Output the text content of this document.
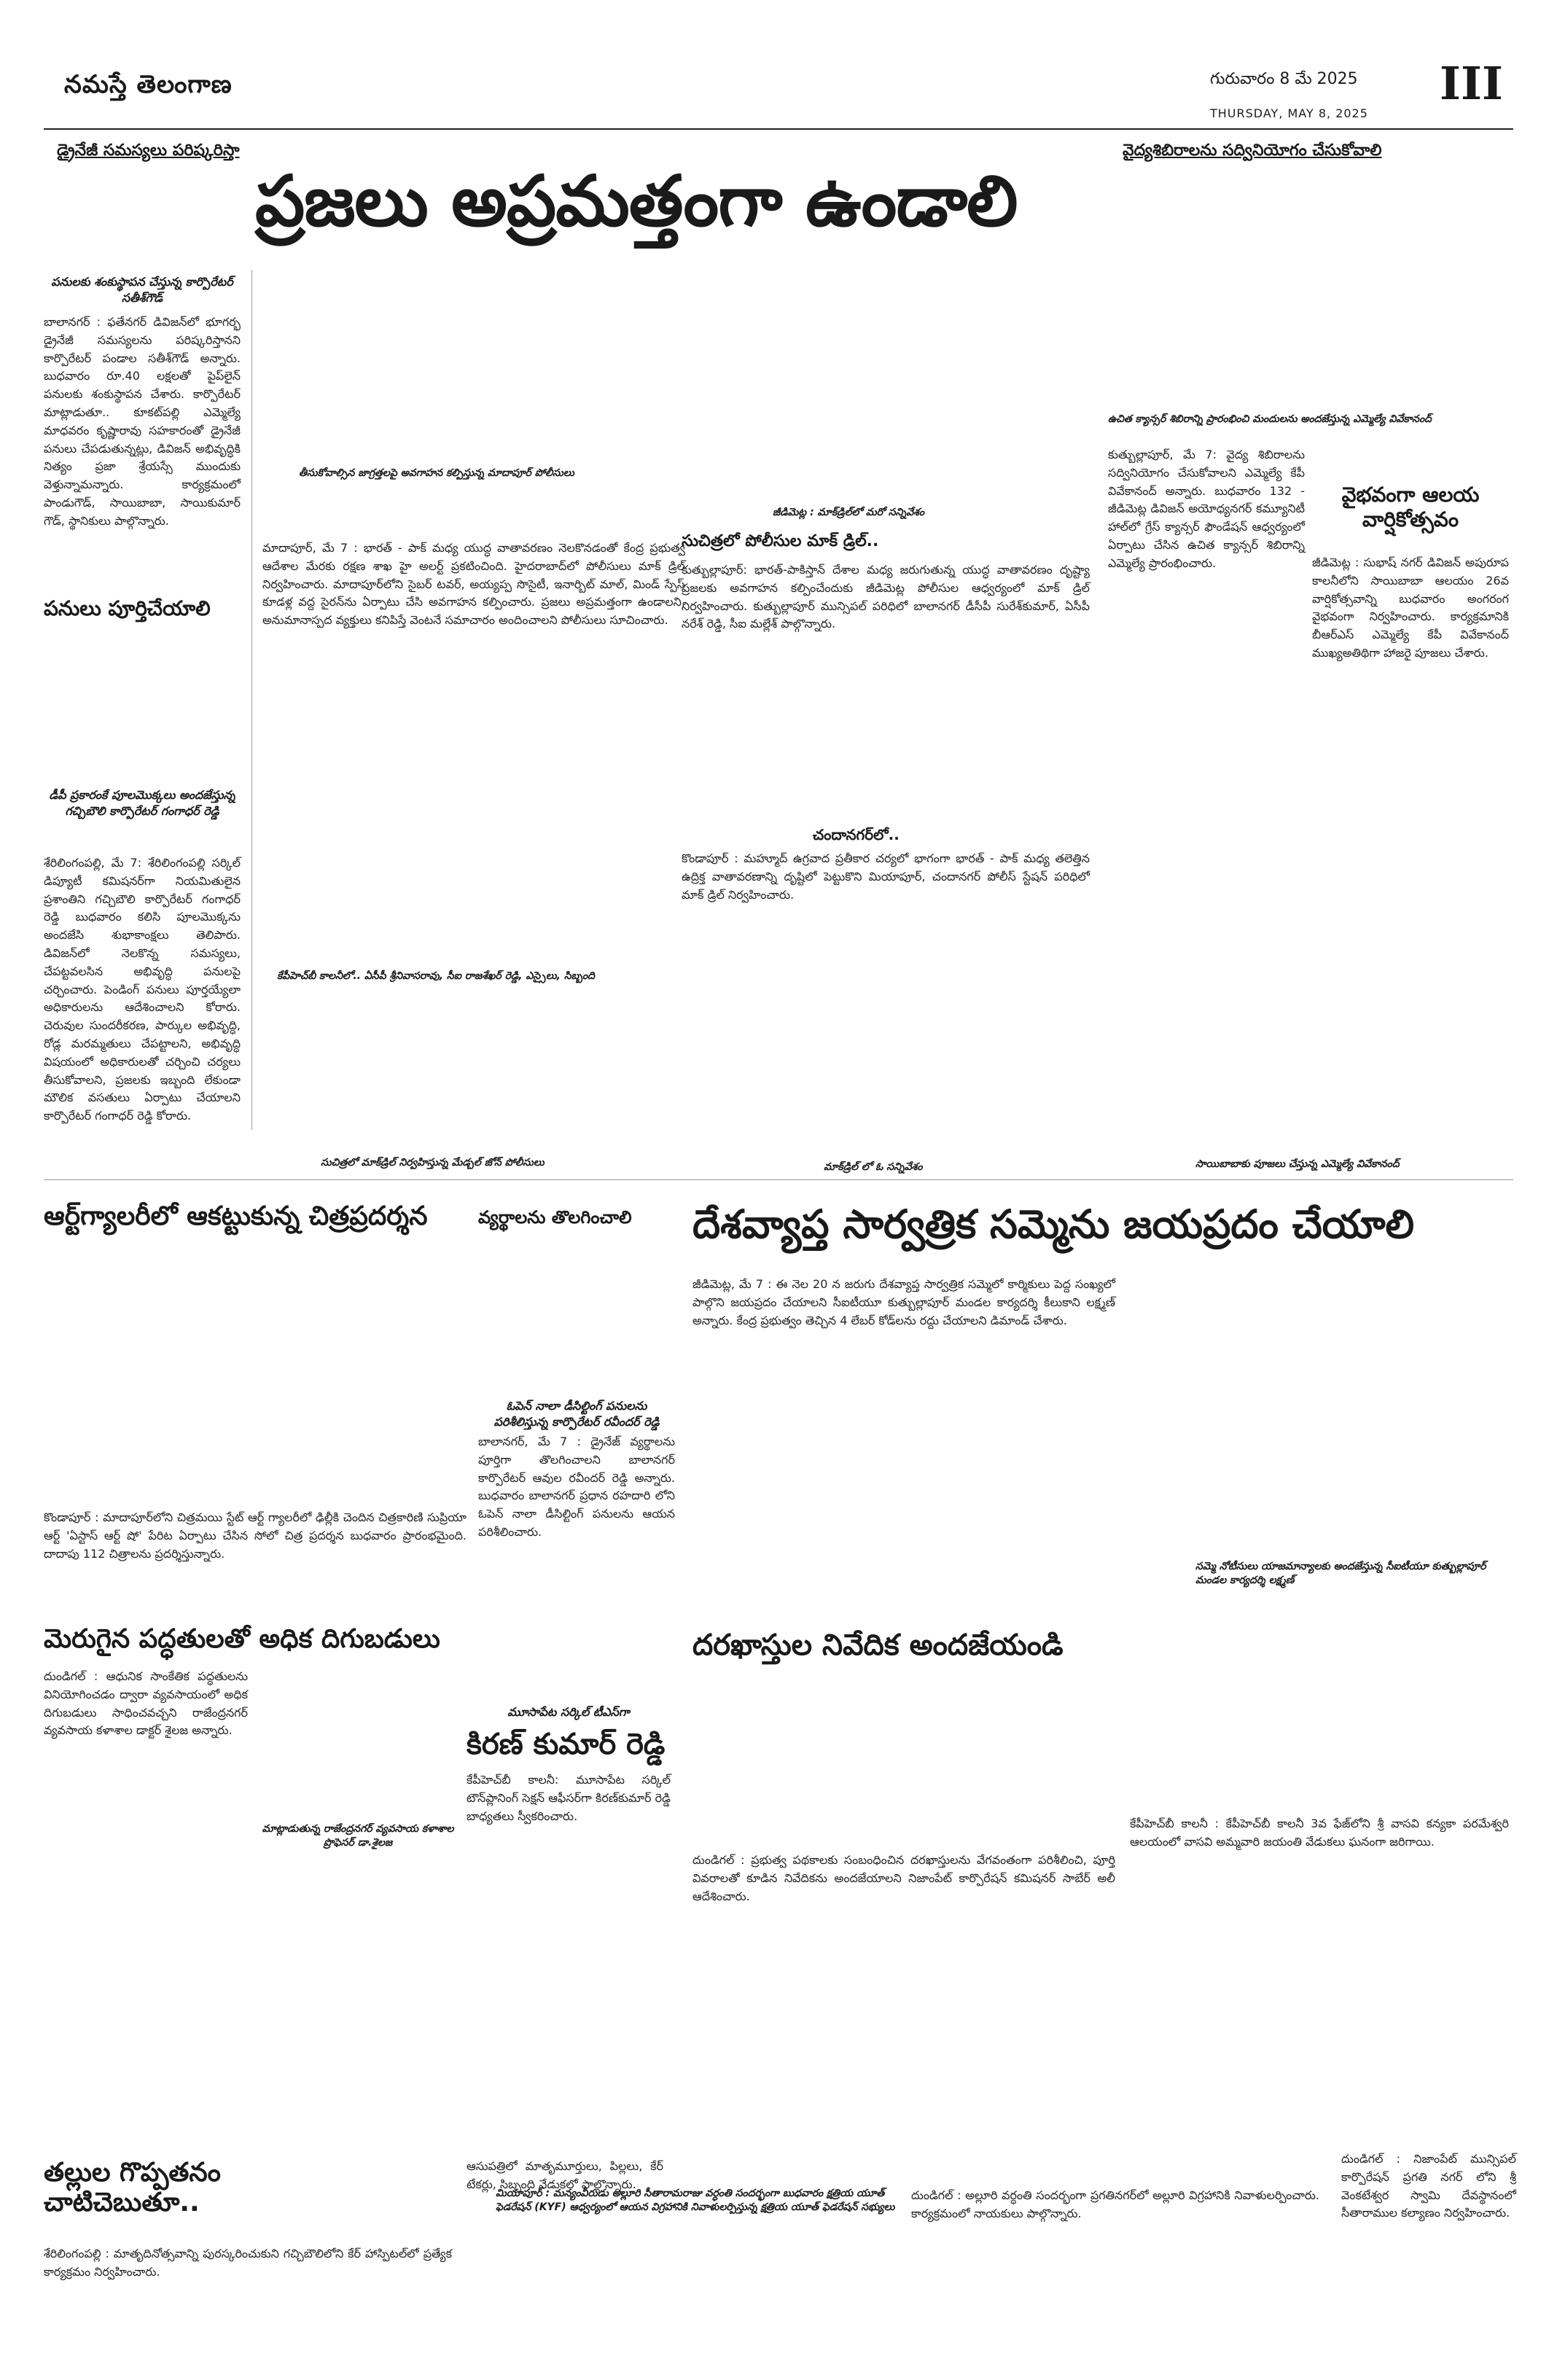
నమస్తే తెలంగాణ	గురువారం 8 మే 2025
THURSDAY, MAY 8, 2025
III
డ్రైనేజీ సమస్యలు పరిష్కరిస్తా
ప్రజలు అప్రమత్తంగా ఉండాలి
వైద్యశిబిరాలను సద్వినియోగం చేసుకోవాలి
పనులకు శంకుస్థాపన చేస్తున్న కార్పొరేటర్ సతీశ్‌గౌడ్
బాలానగర్ : ఫతేనగర్ డివిజన్‌లో భూగర్భ డ్రైనేజీ సమస్యలను పరిష్కరిస్తానని కార్పొరేటర్ పండాల సతీశ్‌గౌడ్ అన్నారు. బుధవారం రూ.40 లక్షలతో పైప్‌లైన్ పనులకు శంకుస్థాపన చేశారు. కార్పొరేటర్ మాట్లాడుతూ.. కూకట్‌పల్లి ఎమ్మెల్యే మాధవరం కృష్ణారావు సహకారంతో డ్రైనేజీ పనులు చేపడుతున్నట్లు, డివిజన్ అభివృద్ధికి నిత్యం ప్రజా శ్రేయస్సే ముందుకు వెళ్తున్నామన్నారు. కార్యక్రమంలో పాండుగౌడ్, సాయిబాబా, సాయికుమార్ గౌడ్, స్థానికులు పాల్గొన్నారు.
పనులు పూర్తిచేయాలి
డీపీ ప్రకారంకే పూలమొక్కలు అందజేస్తున్న గచ్చిబౌలి కార్పొరేటర్ గంగాధర్ రెడ్డి
శేరిలింగంపల్లి, మే 7: శేరిలింగంపల్లి సర్కిల్ డిప్యూటీ కమిషనర్‌గా నియమితులైన ప్రశాంతిని గచ్చిబౌలి కార్పొరేటర్ గంగాధర్ రెడ్డి బుధవారం కలిసి పూలమొక్కను అందజేసి శుభాకాంక్షలు తెలిపారు. డివిజన్‌లో నెలకొన్న సమస్యలు, చేపట్టవలసిన అభివృద్ధి పనులపై చర్చించారు. పెండింగ్ పనులు పూర్తయ్యేలా అధికారులను ఆదేశించాలని కోరారు. చెరువుల సుందరీకరణ, పార్కుల అభివృద్ధి, రోడ్ల మరమ్మతులు చేపట్టాలని, అభివృద్ధి విషయంలో అధికారులతో చర్చించి చర్యలు తీసుకోవాలని, ప్రజలకు ఇబ్బంది లేకుండా మౌలిక వసతులు ఏర్పాటు చేయాలని కార్పొరేటర్ గంగాధర్ రెడ్డి కోరారు.
తీసుకోవాల్సిన జాగ్రత్తలపై అవగాహన కల్పిస్తున్న మాదాపూర్ పోలీసులు
జీడిమెట్ల : మాక్‌డ్రిల్‌లో మరో సన్నివేశం
మాదాపూర్, మే 7 : భారత్ - పాక్ మధ్య యుద్ధ వాతావరణం నెలకొనడంతో కేంద్ర ప్రభుత్వ ఆదేశాల మేరకు రక్షణ శాఖ హై అలర్ట్ ప్రకటించింది. హైదరాబాద్‌లో పోలీసులు మాక్ డ్రిల్ నిర్వహించారు. మాదాపూర్‌లోని సైబర్ టవర్, అయ్యప్ప సొసైటీ, ఇనార్బిట్ మాల్, మిండ్ స్పేస్ కూడళ్ల వద్ద సైరన్‌ను ఏర్పాటు చేసి అవగాహన కల్పించారు. ప్రజలు అప్రమత్తంగా ఉండాలని, అనుమానాస్పద వ్యక్తులు కనిపిస్తే వెంటనే సమాచారం అందించాలని పోలీసులు సూచించారు.
సుచిత్రలో పోలీసుల మాక్ డ్రిల్..
కుత్బుల్లాపూర్: భారత్-పాకిస్తాన్ దేశాల మధ్య జరుగుతున్న యుద్ధ వాతావరణం దృష్ట్యా ప్రజలకు అవగాహన కల్పించేందుకు జీడిమెట్ల పోలీసుల ఆధ్వర్యంలో మాక్ డ్రిల్ నిర్వహించారు. కుత్బుల్లాపూర్ మున్సిపల్ పరిధిలో బాలానగర్ డీసీపీ సురేశ్‌కుమార్, ఏసీపీ నరేశ్ రెడ్డి, సీఐ మల్లేశ్ పాల్గొన్నారు.
చందానగర్‌లో..
కొండాపూర్ : మహ్మూద్ ఉగ్రవాద ప్రతీకార చర్యలో భాగంగా భారత్ - పాక్ మధ్య తలెత్తిన ఉద్రిక్త వాతావరణాన్ని దృష్టిలో పెట్టుకొని మియాపూర్, చందానగర్ పోలీస్ స్టేషన్ పరిధిలో మాక్ డ్రిల్ నిర్వహించారు.
కేపీహెచ్‌బీ కాలనీలో.. ఏసీపీ శ్రీనివాసరావు, సీఐ రాజశేఖర్ రెడ్డి, ఎస్సైలు, సిబ్బంది
ఉచిత క్యాన్సర్ శిబిరాన్ని ప్రారంభించి మందులను అందజేస్తున్న ఎమ్మెల్యే వివేకానంద్
కుత్బుల్లాపూర్, మే 7: వైద్య శిబిరాలను సద్వినియోగం చేసుకోవాలని ఎమ్మెల్యే కేపీ వివేకానంద్ అన్నారు. బుధవారం 132 - జీడిమెట్ల డివిజన్ అయోధ్యనగర్ కమ్యూనిటీ హాల్‌లో గ్రేస్ క్యాన్సర్ ఫౌండేషన్ ఆధ్వర్యంలో ఏర్పాటు చేసిన ఉచిత క్యాన్సర్ శిబిరాన్ని ఎమ్మెల్యే ప్రారంభించారు.
వైభవంగా ఆలయ వార్షికోత్సవం
జీడిమెట్ల : సుభాష్ నగర్ డివిజన్ అపురూప కాలనీలోని సాయిబాబా ఆలయం 26వ వార్షికోత్సవాన్ని బుధవారం అంగరంగ వైభవంగా నిర్వహించారు. కార్యక్రమానికి బీఆర్ఎస్ ఎమ్మెల్యే కేపీ వివేకానంద్ ముఖ్యఅతిథిగా హాజరై పూజలు చేశారు.
సుచిత్రలో మాక్‌డ్రిల్ నిర్వహిస్తున్న మేడ్చల్ జోన్ పోలీసులు	మాక్‌డ్రిల్ లో ఓ సన్నివేశం	సాయిబాబాకు పూజలు చేస్తున్న ఎమ్మెల్యే వివేకానంద్
ఆర్ట్‌గ్యాలరీలో ఆకట్టుకున్న చిత్రప్రదర్శన
కొండాపూర్ : మాదాపూర్‌లోని చిత్రమయి స్టేట్ ఆర్ట్ గ్యాలరీలో ఢిల్లీకి చెందిన చిత్రకారిణి సుప్రియా ఆర్ట్ 'ఏస్టాస్ ఆర్ట్ షో' పేరిట ఏర్పాటు చేసిన సోలో చిత్ర ప్రదర్శన బుధవారం ప్రారంభమైంది. దాదాపు 112 చిత్రాలను ప్రదర్శిస్తున్నారు.
వ్యర్థాలను తొలగించాలి
ఓపెన్ నాలా డీసిల్టింగ్ పనులను పరిశీలిస్తున్న కార్పొరేటర్ రవీందర్ రెడ్డి
బాలానగర్, మే 7 : డ్రైనేజ్ వ్యర్థాలను పూర్తిగా తొలగించాలని బాలానగర్ కార్పొరేటర్ ఆవుల రవీందర్ రెడ్డి అన్నారు. బుధవారం బాలానగర్ ప్రధాన రహదారి లోని ఓపెన్ నాలా డీసిల్టింగ్ పనులను ఆయన పరిశీలించారు.
దేశవ్యాప్త సార్వత్రిక సమ్మెను జయప్రదం చేయాలి
జీడిమెట్ల, మే 7 : ఈ నెల 20 న జరుగు దేశవ్యాప్త సార్వత్రిక సమ్మెలో కార్మికులు పెద్ద సంఖ్యలో పాల్గొని జయప్రదం చేయాలని సీఐటీయూ కుత్బుల్లాపూర్ మండల కార్యదర్శి కీలుకాని లక్ష్మణ్ అన్నారు. కేంద్ర ప్రభుత్వం తెచ్చిన 4 లేబర్ కోడ్‌లను రద్దు చేయాలని డిమాండ్ చేశారు.
సమ్మె నోటీసులు యాజమాన్యాలకు అందజేస్తున్న సీఐటీయూ కుత్బుల్లాపూర్ మండల కార్యదర్శి లక్ష్మణ్
మెరుగైన పద్ధతులతో అధిక దిగుబడులు
దుండిగల్ : ఆధునిక సాంకేతిక పద్ధతులను వినియోగించడం ద్వారా వ్యవసాయంలో అధిక దిగుబడులు సాధించవచ్చని రాజేంద్రనగర్ వ్యవసాయ కళాశాల డాక్టర్ శైలజ అన్నారు.
మాట్లాడుతున్న రాజేంద్రనగర్ వ్యవసాయ కళాశాల ప్రొఫెసర్ డా.శైలజ
మూసాపేట సర్కిల్ టీఎస్‌గా
కిరణ్ కుమార్ రెడ్డి
కేపీహెచ్‌బీ కాలనీ: మూసాపేట సర్కిల్ టౌన్‌ప్లానింగ్ సెక్షన్ ఆఫీసర్‌గా కిరణ్‌కుమార్ రెడ్డి బాధ్యతలు స్వీకరించారు.
దరఖాస్తుల నివేదిక అందజేయండి
దుండిగల్ : ప్రభుత్వ పథకాలకు సంబంధించిన దరఖాస్తులను వేగవంతంగా పరిశీలించి, పూర్తి వివరాలతో కూడిన నివేదికను అందజేయాలని నిజాంపేట్ కార్పొరేషన్ కమిషనర్ సాబేర్ అలీ ఆదేశించారు.
కేపీహెచ్‌బీ కాలనీ : కేపీహెచ్‌బీ కాలనీ 3వ ఫేజ్‌లోని శ్రీ వాసవి కన్యకా పరమేశ్వరి ఆలయంలో వాసవి అమ్మవారి జయంతి వేడుకలు ఘనంగా జరిగాయి.
తల్లుల గొప్పతనం చాటిచెబుతూ..
శేరిలింగంపల్లి : మాతృదినోత్సవాన్ని పురస్కరించుకుని గచ్చిబౌలిలోని కేర్ హాస్పిటల్‌లో ప్రత్యేక కార్యక్రమం నిర్వహించారు.
ఆసుపత్రిలో మాతృమూర్తులు, పిల్లలు, కేర్ టేకర్లు, సిబ్బంది వేడుకలో పాల్గొన్నారు.
మియాపూర్ : మన్యంవీరుడు అల్లూరి సీతారామరాజు వర్ధంతి సందర్భంగా బుధవారం క్షత్రియ యూత్ ఫెడరేషన్ (KYF) ఆధ్వర్యంలో ఆయన విగ్రహానికి నివాళులర్పిస్తున్న క్షత్రియ యూత్ ఫెడరేషన్ సభ్యులు
దుండిగల్ : అల్లూరి వర్ధంతి సందర్భంగా ప్రగతినగర్‌లో అల్లూరి విగ్రహానికి నివాళులర్పించారు. కార్యక్రమంలో నాయకులు పాల్గొన్నారు.
దుండిగల్ : నిజాంపేట్ మున్సిపల్ కార్పొరేషన్ ప్రగతి నగర్ లోని శ్రీ వెంకటేశ్వర స్వామి దేవస్థానంలో సీతారాముల కల్యాణం నిర్వహించారు.
